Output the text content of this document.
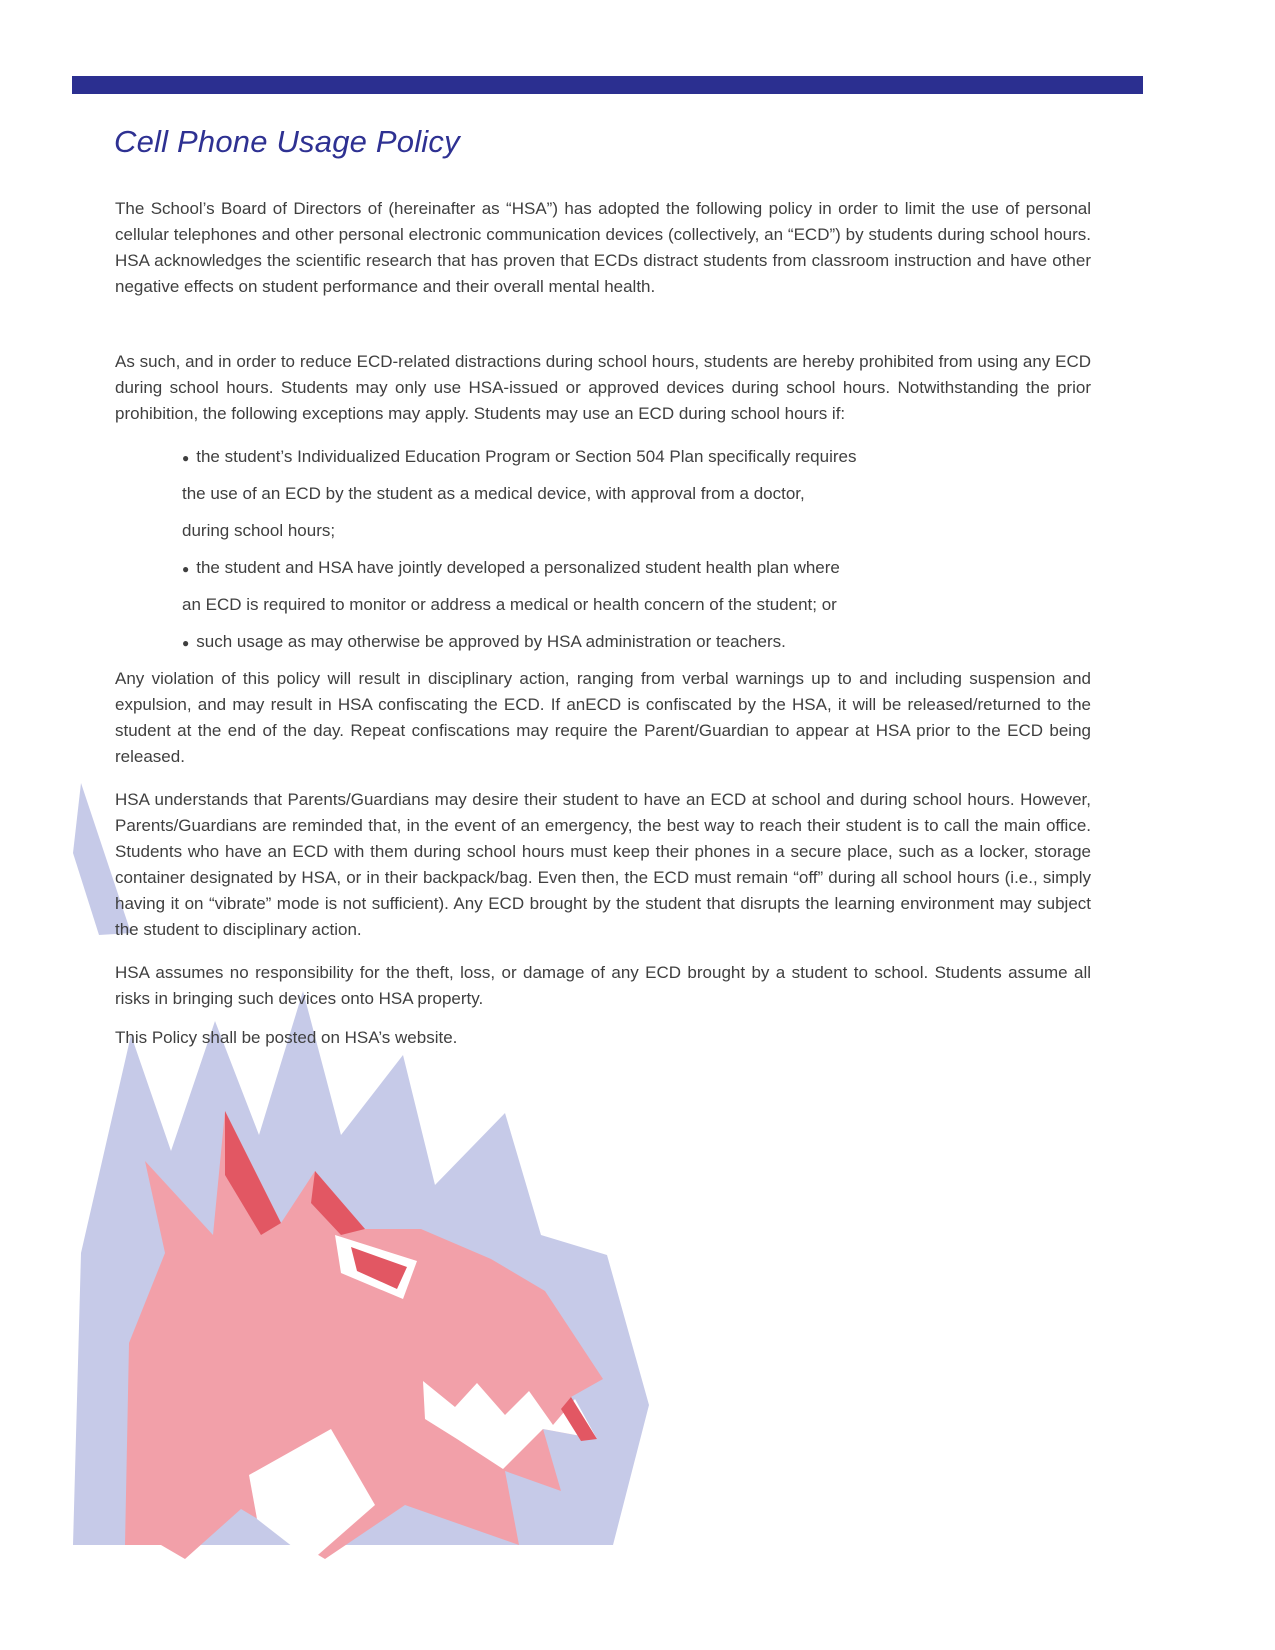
Cell Phone Usage Policy

The School’s Board of Directors of (hereinafter as “HSA”) has adopted the following policy in order to limit the use of personal cellular telephones and other personal electronic communication devices (collectively, an “ECD”) by students during school hours. HSA acknowledges the scientific research that has proven that ECDs distract students from classroom instruction and have other negative effects on student performance and their overall mental health.

As such, and in order to reduce ECD-related distractions during school hours, students are hereby prohibited from using any ECD during school hours. Students may only use HSA-issued or approved devices during school hours. Notwithstanding the prior prohibition, the following exceptions may apply. Students may use an ECD during school hours if:

● the student’s Individualized Education Program or Section 504 Plan specifically requires

the use of an ECD by the student as a medical device, with approval from a doctor,

during school hours;

● the student and HSA have jointly developed a personalized student health plan where

an ECD is required to monitor or address a medical or health concern of the student; or

● such usage as may otherwise be approved by HSA administration or teachers.

Any violation of this policy will result in disciplinary action, ranging from verbal warnings up to and including suspension and expulsion, and may result in HSA confiscating the ECD. If anECD is confiscated by the HSA, it will be released/returned to the student at the end of the day. Repeat confiscations may require the Parent/Guardian to appear at HSA prior to the ECD being released.

HSA understands that Parents/Guardians may desire their student to have an ECD at school and during school hours. However, Parents/Guardians are reminded that, in the event of an emergency, the best way to reach their student is to call the main office. Students who have an ECD with them during school hours must keep their phones in a secure place, such as a locker, storage container designated by HSA, or in their backpack/bag. Even then, the ECD must remain “off” during all school hours (i.e., simply having it on “vibrate” mode is not sufficient). Any ECD brought by the student that disrupts the learning environment may subject the student to disciplinary action.

HSA assumes no responsibility for the theft, loss, or damage of any ECD brought by a student to school. Students assume all risks in bringing such devices onto HSA property.

This Policy shall be posted on HSA’s website.
